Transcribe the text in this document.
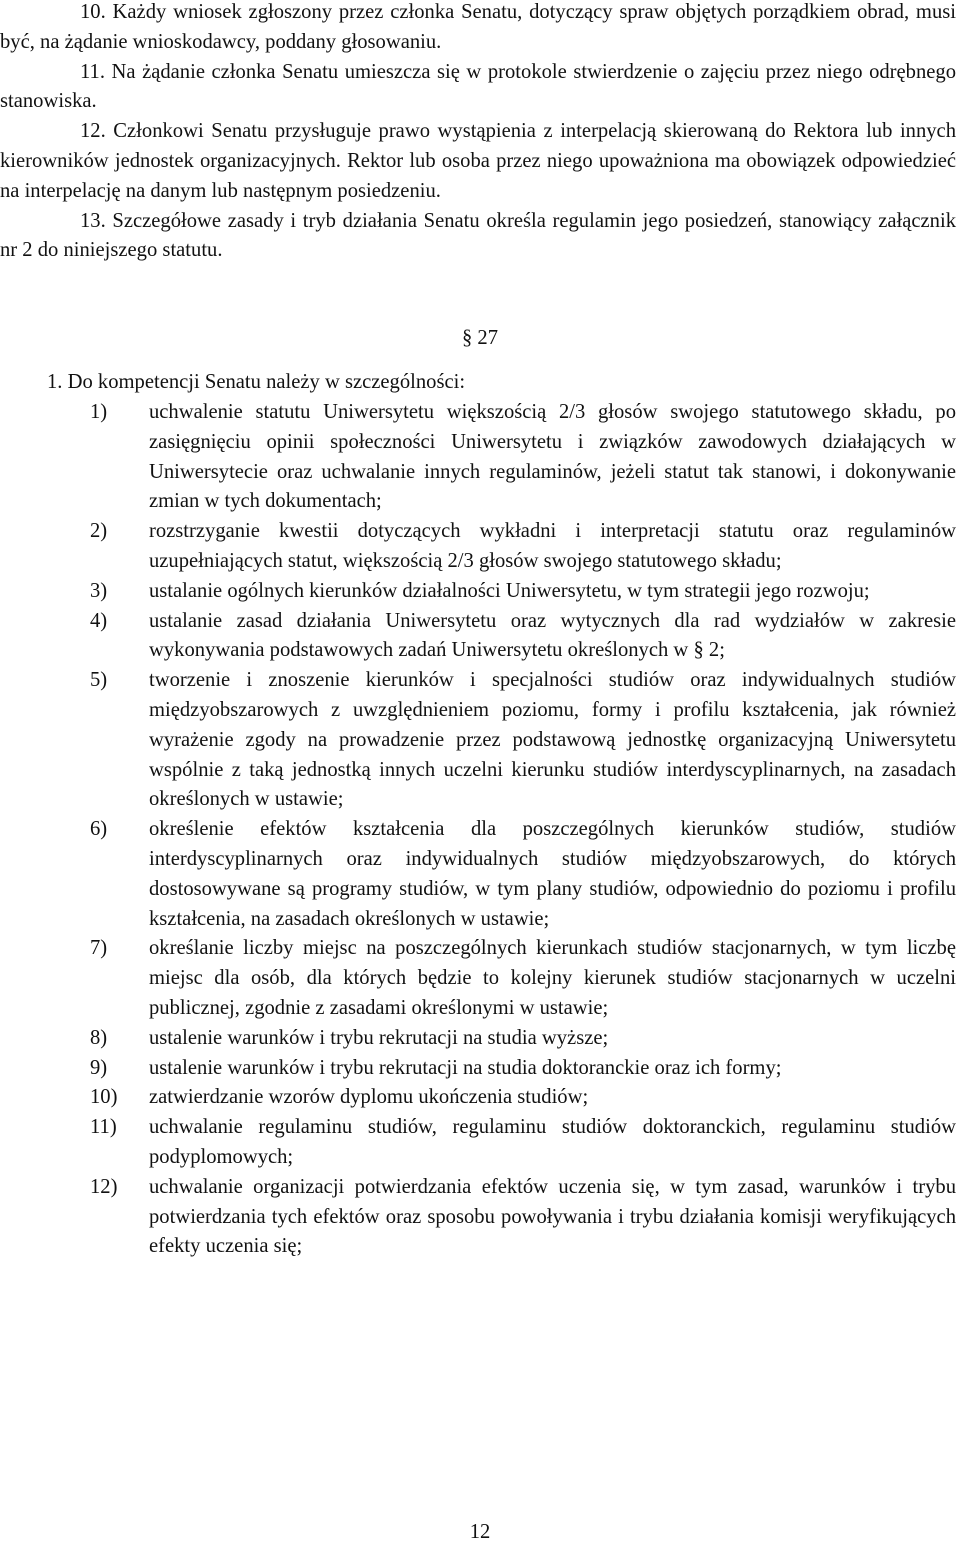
10. Każdy wniosek zgłoszony przez członka Senatu, dotyczący spraw objętych porządkiem obrad, musi być, na żądanie wnioskodawcy, poddany głosowaniu.

11. Na żądanie członka Senatu umieszcza się w protokole stwierdzenie o zajęciu przez niego odrębnego stanowiska.

12. Członkowi Senatu przysługuje prawo wystąpienia z interpelacją skierowaną do Rektora lub innych kierowników jednostek organizacyjnych. Rektor lub osoba przez niego upoważniona ma obowiązek odpowiedzieć na interpelację na danym lub następnym posiedzeniu.

13. Szczegółowe zasady i tryb działania Senatu określa regulamin jego posiedzeń, stanowiący załącznik nr 2 do niniejszego statutu.

§ 27

1. Do kompetencji Senatu należy w szczególności:

1) uchwalenie statutu Uniwersytetu większością 2/3 głosów swojego statutowego składu, po zasięgnięciu opinii społeczności Uniwersytetu i związków zawodowych działających w Uniwersytecie oraz uchwalanie innych regulaminów, jeżeli statut tak stanowi, i dokonywanie zmian w tych dokumentach;
2) rozstrzyganie kwestii dotyczących wykładni i interpretacji statutu oraz regulaminów uzupełniających statut, większością 2/3 głosów swojego statutowego składu;
3) ustalanie ogólnych kierunków działalności Uniwersytetu, w tym strategii jego rozwoju;
4) ustalanie zasad działania Uniwersytetu oraz wytycznych dla rad wydziałów w zakresie wykonywania podstawowych zadań Uniwersytetu określonych w § 2;
5) tworzenie i znoszenie kierunków i specjalności studiów oraz indywidualnych studiów międzyobszarowych z uwzględnieniem poziomu, formy i profilu kształcenia, jak również wyrażenie zgody na prowadzenie przez podstawową jednostkę organizacyjną Uniwersytetu wspólnie z taką jednostką innych uczelni kierunku studiów interdyscyplinarnych, na zasadach określonych w ustawie;
6) określenie efektów kształcenia dla poszczególnych kierunków studiów, studiów interdyscyplinarnych oraz indywidualnych studiów międzyobszarowych, do których dostosowywane są programy studiów, w tym plany studiów, odpowiednio do poziomu i profilu kształcenia, na zasadach określonych w ustawie;
7) określanie liczby miejsc na poszczególnych kierunkach studiów stacjonarnych, w tym liczbę miejsc dla osób, dla których będzie to kolejny kierunek studiów stacjonarnych w uczelni publicznej, zgodnie z zasadami określonymi w ustawie;
8) ustalenie warunków i trybu rekrutacji na studia wyższe;
9) ustalenie warunków i trybu rekrutacji na studia doktoranckie oraz ich formy;
10) zatwierdzanie wzorów dyplomu ukończenia studiów;
11) uchwalanie regulaminu studiów, regulaminu studiów doktoranckich, regulaminu studiów podyplomowych;
12) uchwalanie organizacji potwierdzania efektów uczenia się, w tym zasad, warunków i trybu potwierdzania tych efektów oraz sposobu powoływania i trybu działania komisji weryfikujących efekty uczenia się;

12
